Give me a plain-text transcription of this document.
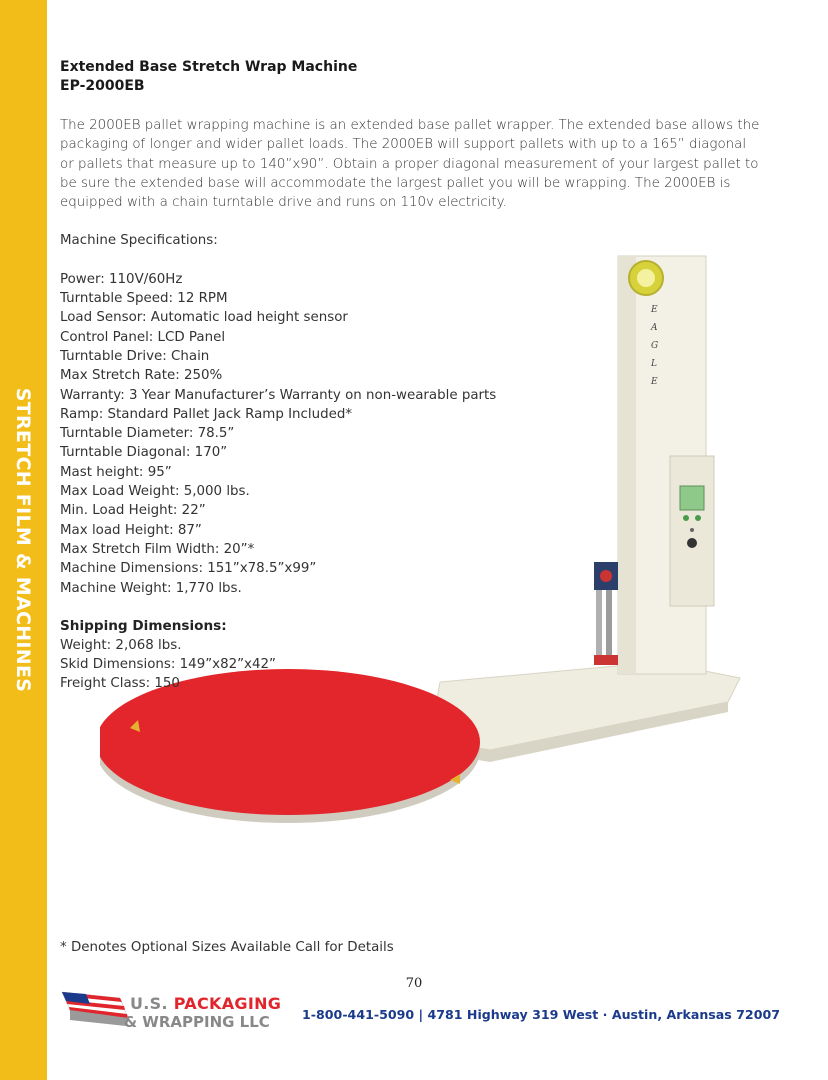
STRETCH FILM & MACHINES
E
A
G
L
E
Extended Base Stretch Wrap Machine
EP-2000EB
The 2000EB pallet wrapping machine is an extended base pallet wrapper. The extended base allows the packaging of longer and wider pallet loads. The 2000EB will support pallets with up to a 165” diagonal or pallets that measure up to 140”x90”. Obtain a proper diagonal measurement of your largest pallet to be sure the extended base will accommodate the largest pallet you will be wrapping. The 2000EB is equipped with a chain turntable drive and runs on 110v electricity.
Machine Specifications:
Power: 110V/60Hz
Turntable Speed: 12 RPM
Load Sensor: Automatic load height sensor
Control Panel: LCD Panel
Turntable Drive: Chain
Max Stretch Rate: 250%
Warranty: 3 Year Manufacturer’s Warranty on non-wearable parts
Ramp: Standard Pallet Jack Ramp Included*
Turntable Diameter: 78.5”
Turntable Diagonal: 170”
Mast height: 95”
Max Load Weight: 5,000 lbs.
Min. Load Height: 22”
Max load Height: 87”
Max Stretch Film Width: 20”*
Machine Dimensions: 151”x78.5”x99”
Machine Weight: 1,770 lbs.
Shipping Dimensions:
Weight: 2,068 lbs.
Skid Dimensions: 149”x82”x42”
Freight Class: 150
* Denotes Optional Sizes Available Call for Details
70
U.S. PACKAGING
& WRAPPING LLC	1-800-441-5090 | 4781 Highway 319 West · Austin, Arkansas 72007
